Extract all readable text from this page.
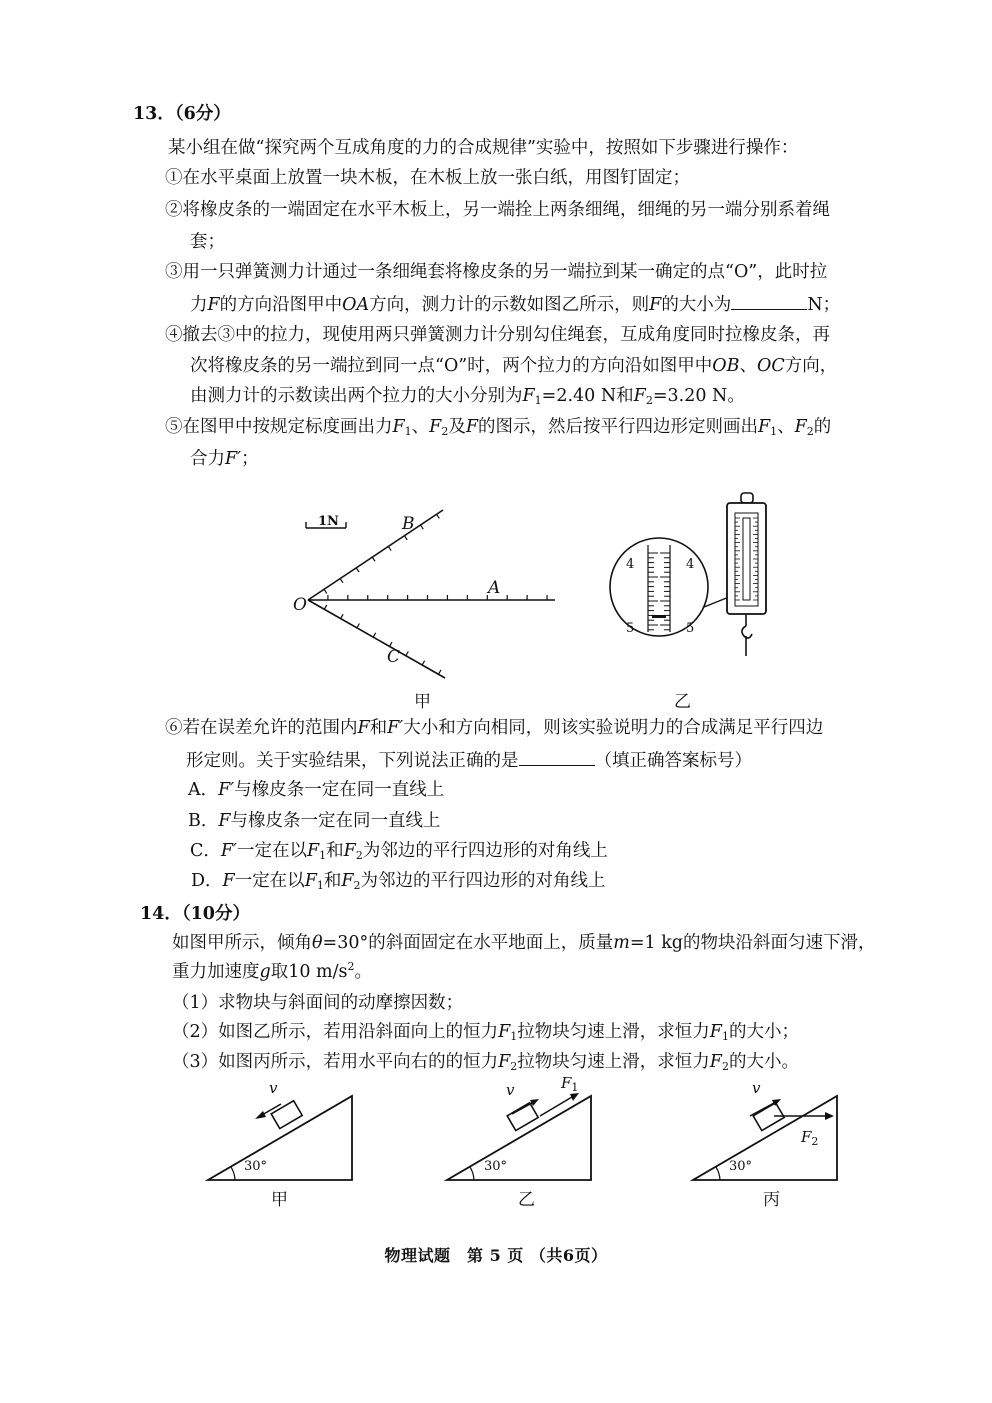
13．（6分）
某小组在做“探究两个互成角度的力的合成规律”实验中，按照如下步骤进行操作：
①在水平桌面上放置一块木板，在木板上放一张白纸，用图钉固定；
②将橡皮条的一端固定在水平木板上，另一端拴上两条细绳，细绳的另一端分别系着绳
套；
③用一只弹簧测力计通过一条细绳套将橡皮条的另一端拉到某一确定的点“O”，此时拉
力F的方向沿图甲中OA方向，测力计的示数如图乙所示，则F的大小为	N；
④撤去③中的拉力，现使用两只弹簧测力计分别勾住绳套，互成角度同时拉橡皮条，再
次将橡皮条的另一端拉到同一点“O”时，两个拉力的方向沿如图甲中OB、OC方向，
由测力计的示数读出两个拉力的大小分别为$F_1=2.40$ N和$F_2=3.20$ N。
⑤在图甲中按规定标度画出力$F_1$、$F_2$及F的图示，然后按平行四边形定则画出$F_1$、$F_2$的
合力F′；
1N
O
A
B
C
甲
4	4
5	5
乙
⑥若在误差允许的范围内F和F′大小和方向相同，则该实验说明力的合成满足平行四边
形定则。关于实验结果，下列说法正确的是	（填正确答案标号）
A．F′与橡皮条一定在同一直线上
B．F与橡皮条一定在同一直线上
C．F′一定在以$F_1$和$F_2$为邻边的平行四边形的对角线上
D．F一定在以$F_1$和$F_2$为邻边的平行四边形的对角线上
14．（10分）
如图甲所示，倾角θ=30°的斜面固定在水平地面上，质量m=1 kg的物块沿斜面匀速下滑，
重力加速度g取10 $m/s^2$。
（1）求物块与斜面间的动摩擦因数；
（2）如图乙所示，若用沿斜面向上的恒力$F_1$拉物块匀速上滑，求恒力$F_1$的大小；
（3）如图丙所示，若用水平向右的的恒力$F_2$拉物块匀速上滑，求恒力$F_2$的大小。
v
30°
甲
v	$F_1$
30°
乙
v
$F_2$
30°
丙
物理试题　第 5 页 （共6页）
